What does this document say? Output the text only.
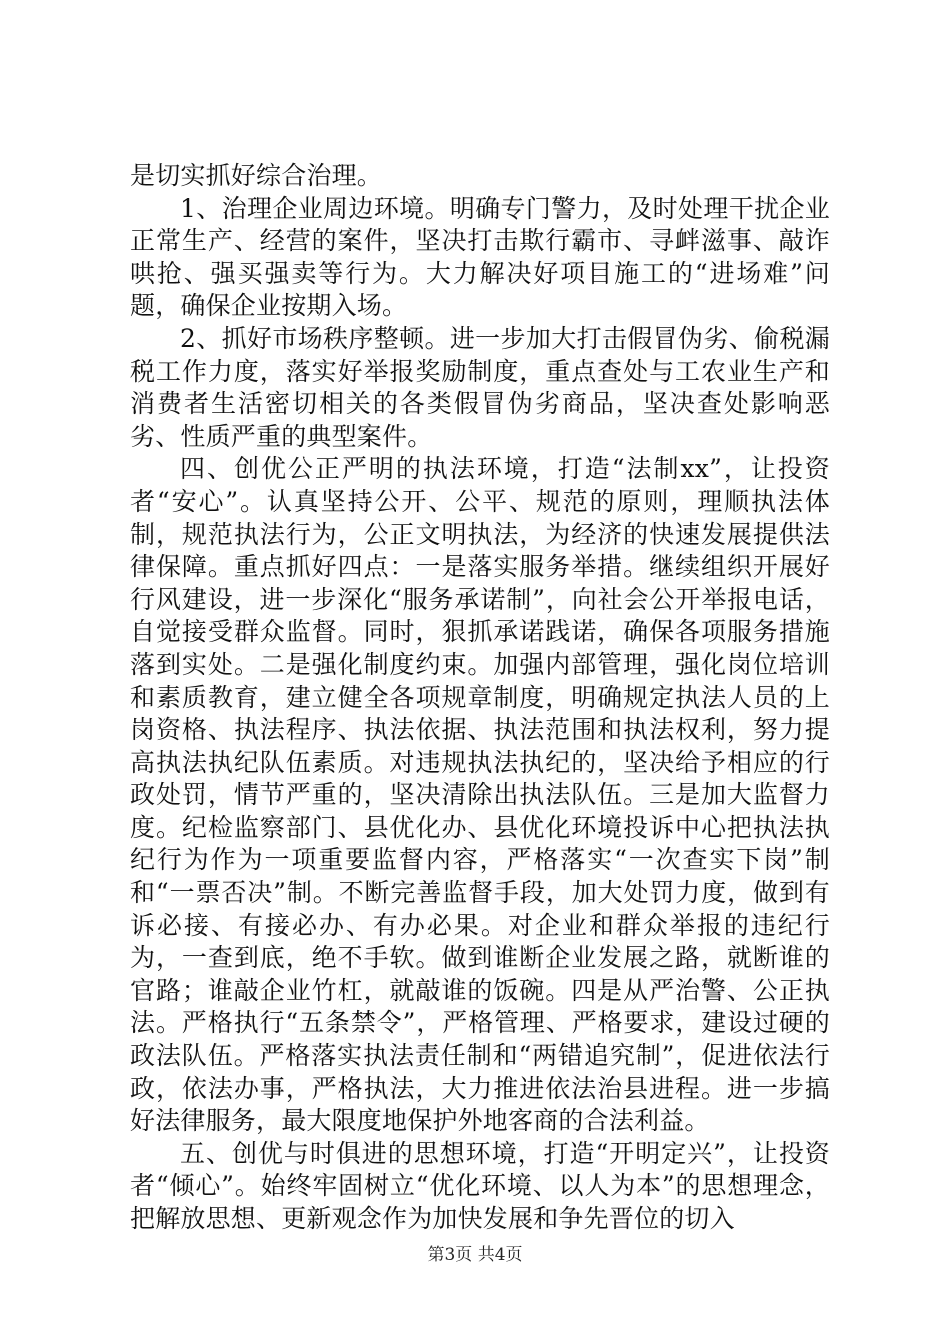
是切实抓好综合治理。

1、治理企业周边环境。明确专门警力，及时处理干扰企业正常生产、经营的案件，坚决打击欺行霸市、寻衅滋事、敲诈哄抢、强买强卖等行为。大力解决好项目施工的“进场难”问题，确保企业按期入场。

2、抓好市场秩序整顿。进一步加大打击假冒伪劣、偷税漏税工作力度，落实好举报奖励制度，重点查处与工农业生产和消费者生活密切相关的各类假冒伪劣商品，坚决查处影响恶劣、性质严重的典型案件。

四、创优公正严明的执法环境，打造“法制xx”，让投资者“安心”。认真坚持公开、公平、规范的原则，理顺执法体制，规范执法行为，公正文明执法，为经济的快速发展提供法律保障。重点抓好四点：一是落实服务举措。继续组织开展好行风建设，进一步深化“服务承诺制”，向社会公开举报电话，自觉接受群众监督。同时，狠抓承诺践诺，确保各项服务措施落到实处。二是强化制度约束。加强内部管理，强化岗位培训和素质教育，建立健全各项规章制度，明确规定执法人员的上岗资格、执法程序、执法依据、执法范围和执法权利，努力提高执法执纪队伍素质。对违规执法执纪的，坚决给予相应的行政处罚，情节严重的，坚决清除出执法队伍。三是加大监督力度。纪检监察部门、县优化办、县优化环境投诉中心把执法执纪行为作为一项重要监督内容，严格落实“一次查实下岗”制和“一票否决”制。不断完善监督手段，加大处罚力度，做到有诉必接、有接必办、有办必果。对企业和群众举报的违纪行为，一查到底，绝不手软。做到谁断企业发展之路，就断谁的官路；谁敲企业竹杠，就敲谁的饭碗。四是从严治警、公正执法。严格执行“五条禁令”，严格管理、严格要求，建设过硬的政法队伍。严格落实执法责任制和“两错追究制”，促进依法行政，依法办事，严格执法，大力推进依法治县进程。进一步搞好法律服务，最大限度地保护外地客商的合法利益。

五、创优与时俱进的思想环境，打造“开明定兴”，让投资者“倾心”。始终牢固树立“优化环境、以人为本”的思想理念，把解放思想、更新观念作为加快发展和争先晋位的切入

第3页 共4页
